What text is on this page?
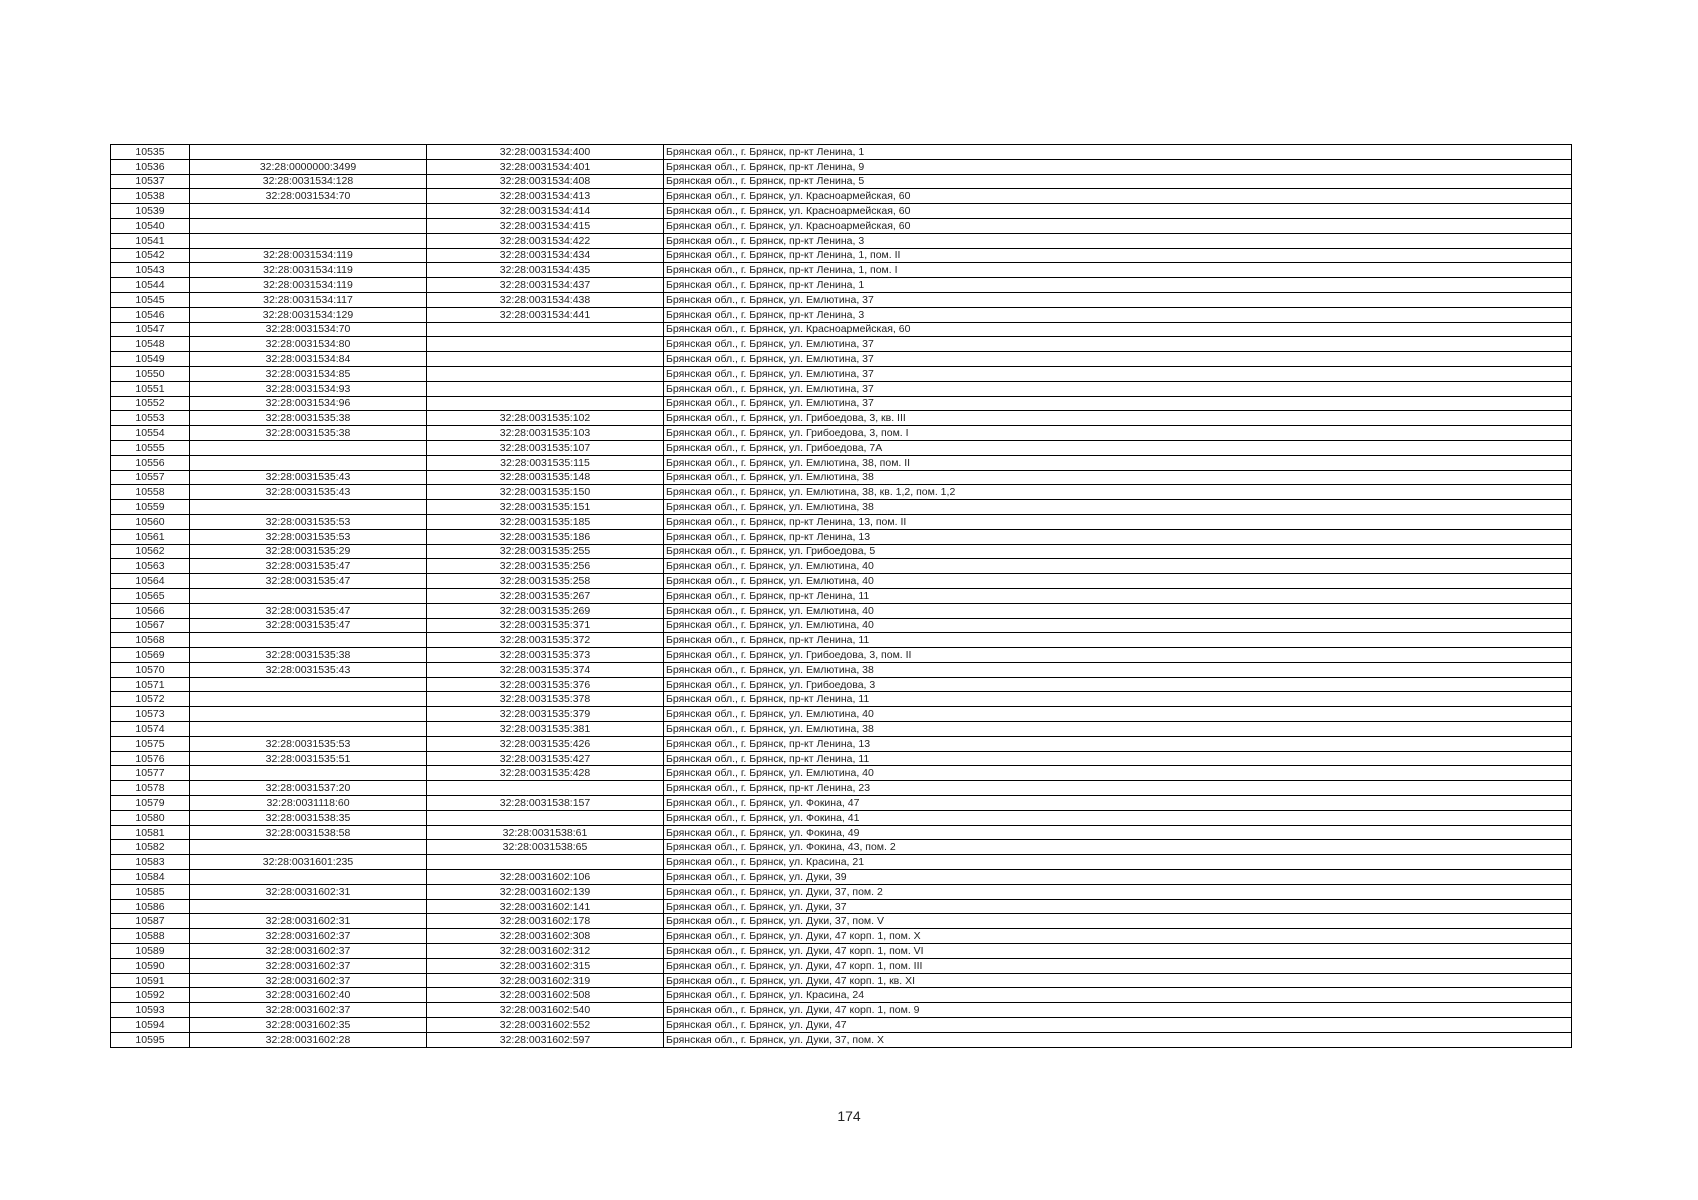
10535		32:28:0031534:400	Брянская обл., г. Брянск, пр-кт Ленина, 1
10536	32:28:0000000:3499	32:28:0031534:401	Брянская обл., г. Брянск, пр-кт Ленина, 9
10537	32:28:0031534:128	32:28:0031534:408	Брянская обл., г. Брянск, пр-кт Ленина, 5
10538	32:28:0031534:70	32:28:0031534:413	Брянская обл., г. Брянск, ул. Красноармейская, 60
10539		32:28:0031534:414	Брянская обл., г. Брянск, ул. Красноармейская, 60
10540		32:28:0031534:415	Брянская обл., г. Брянск, ул. Красноармейская, 60
10541		32:28:0031534:422	Брянская обл., г. Брянск, пр-кт Ленина, 3
10542	32:28:0031534:119	32:28:0031534:434	Брянская обл., г. Брянск, пр-кт Ленина, 1, пом. II
10543	32:28:0031534:119	32:28:0031534:435	Брянская обл., г. Брянск, пр-кт Ленина, 1, пом. I
10544	32:28:0031534:119	32:28:0031534:437	Брянская обл., г. Брянск, пр-кт Ленина, 1
10545	32:28:0031534:117	32:28:0031534:438	Брянская обл., г. Брянск, ул. Емлютина, 37
10546	32:28:0031534:129	32:28:0031534:441	Брянская обл., г. Брянск, пр-кт Ленина, 3
10547	32:28:0031534:70		Брянская обл., г. Брянск, ул. Красноармейская, 60
10548	32:28:0031534:80		Брянская обл., г. Брянск, ул. Емлютина, 37
10549	32:28:0031534:84		Брянская обл., г. Брянск, ул. Емлютина, 37
10550	32:28:0031534:85		Брянская обл., г. Брянск, ул. Емлютина, 37
10551	32:28:0031534:93		Брянская обл., г. Брянск, ул. Емлютина, 37
10552	32:28:0031534:96		Брянская обл., г. Брянск, ул. Емлютина, 37
10553	32:28:0031535:38	32:28:0031535:102	Брянская обл., г. Брянск, ул. Грибоедова, 3, кв. III
10554	32:28:0031535:38	32:28:0031535:103	Брянская обл., г. Брянск, ул. Грибоедова, 3, пом. I
10555		32:28:0031535:107	Брянская обл., г. Брянск, ул. Грибоедова, 7А
10556		32:28:0031535:115	Брянская обл., г. Брянск, ул. Емлютина, 38, пом. II
10557	32:28:0031535:43	32:28:0031535:148	Брянская обл., г. Брянск, ул. Емлютина, 38
10558	32:28:0031535:43	32:28:0031535:150	Брянская обл., г. Брянск, ул. Емлютина, 38, кв. 1,2, пом. 1,2
10559		32:28:0031535:151	Брянская обл., г. Брянск, ул. Емлютина, 38
10560	32:28:0031535:53	32:28:0031535:185	Брянская обл., г. Брянск, пр-кт Ленина, 13, пом. II
10561	32:28:0031535:53	32:28:0031535:186	Брянская обл., г. Брянск, пр-кт Ленина, 13
10562	32:28:0031535:29	32:28:0031535:255	Брянская обл., г. Брянск, ул. Грибоедова, 5
10563	32:28:0031535:47	32:28:0031535:256	Брянская обл., г. Брянск, ул. Емлютина, 40
10564	32:28:0031535:47	32:28:0031535:258	Брянская обл., г. Брянск, ул. Емлютина, 40
10565		32:28:0031535:267	Брянская обл., г. Брянск, пр-кт Ленина, 11
10566	32:28:0031535:47	32:28:0031535:269	Брянская обл., г. Брянск, ул. Емлютина, 40
10567	32:28:0031535:47	32:28:0031535:371	Брянская обл., г. Брянск, ул. Емлютина, 40
10568		32:28:0031535:372	Брянская обл., г. Брянск, пр-кт Ленина, 11
10569	32:28:0031535:38	32:28:0031535:373	Брянская обл., г. Брянск, ул. Грибоедова, 3, пом. II
10570	32:28:0031535:43	32:28:0031535:374	Брянская обл., г. Брянск, ул. Емлютина, 38
10571		32:28:0031535:376	Брянская обл., г. Брянск, ул. Грибоедова, 3
10572		32:28:0031535:378	Брянская обл., г. Брянск, пр-кт Ленина, 11
10573		32:28:0031535:379	Брянская обл., г. Брянск, ул. Емлютина, 40
10574		32:28:0031535:381	Брянская обл., г. Брянск, ул. Емлютина, 38
10575	32:28:0031535:53	32:28:0031535:426	Брянская обл., г. Брянск, пр-кт Ленина, 13
10576	32:28:0031535:51	32:28:0031535:427	Брянская обл., г. Брянск, пр-кт Ленина, 11
10577		32:28:0031535:428	Брянская обл., г. Брянск, ул. Емлютина, 40
10578	32:28:0031537:20		Брянская обл., г. Брянск, пр-кт Ленина, 23
10579	32:28:0031118:60	32:28:0031538:157	Брянская обл., г. Брянск, ул. Фокина, 47
10580	32:28:0031538:35		Брянская обл., г. Брянск, ул. Фокина, 41
10581	32:28:0031538:58	32:28:0031538:61	Брянская обл., г. Брянск, ул. Фокина, 49
10582		32:28:0031538:65	Брянская обл., г. Брянск, ул. Фокина, 43, пом. 2
10583	32:28:0031601:235		Брянская обл., г. Брянск, ул. Красина, 21
10584		32:28:0031602:106	Брянская обл., г. Брянск, ул. Дуки, 39
10585	32:28:0031602:31	32:28:0031602:139	Брянская обл., г. Брянск, ул. Дуки, 37, пом. 2
10586		32:28:0031602:141	Брянская обл., г. Брянск, ул. Дуки, 37
10587	32:28:0031602:31	32:28:0031602:178	Брянская обл., г. Брянск, ул. Дуки, 37, пом. V
10588	32:28:0031602:37	32:28:0031602:308	Брянская обл., г. Брянск, ул. Дуки, 47 корп. 1, пом. X
10589	32:28:0031602:37	32:28:0031602:312	Брянская обл., г. Брянск, ул. Дуки, 47 корп. 1, пом. VI
10590	32:28:0031602:37	32:28:0031602:315	Брянская обл., г. Брянск, ул. Дуки, 47 корп. 1, пом. III
10591	32:28:0031602:37	32:28:0031602:319	Брянская обл., г. Брянск, ул. Дуки, 47 корп. 1, кв. XI
10592	32:28:0031602:40	32:28:0031602:508	Брянская обл., г. Брянск, ул. Красина, 24
10593	32:28:0031602:37	32:28:0031602:540	Брянская обл., г. Брянск, ул. Дуки, 47 корп. 1, пом. 9
10594	32:28:0031602:35	32:28:0031602:552	Брянская обл., г. Брянск, ул. Дуки, 47
10595	32:28:0031602:28	32:28:0031602:597	Брянская обл., г. Брянск, ул. Дуки, 37, пом. X
174
